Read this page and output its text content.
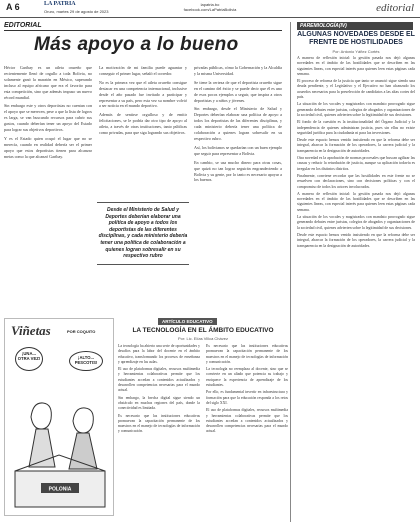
A 6	LA PATRIA
Oruro, martes 29 de agosto de 2023
lapatria.bo
facebook.com/LaPatriaBolivia	editorial
EDITORIAL
Más apoyo a lo bueno

Héctor Garibay es un atleta orureño que recientemente llenó de orgullo a toda Bolivia, no solamente ganó la maratón en México, superando incluso al equipo africano que era el favorito para esta competición, sino que además impuso un nuevo récord mundial.

Sin embargo este y otros deportistas no cuentan con el apoyo que se merecen, pese a que la lista de logros es larga, se van buscando recursos para cubrir sus gastos, cuando deberían tener un apoyo del Estado para lograr sus objetivos deportivos.

Y es el Estado quien ocupó el lugar que no se merecía, cuando en realidad debería ser el primer apoyo que estos deportistas tienen para alcanzar metas como la que alcanzó Garibay.

La motivación de mi familia puede aguantar y conseguir el primer lugar, señaló el corredor.

No es la primera vez que el atleta orureño consigue destacar en una competencia internacional, inclusive desde el año pasado fue invitado a participar y representar a su país, pero esta vez su nombre volvió a ser noticia en el mundo deportivo.

Además de sentirse orgulloso y de emitir felicitaciones, se le podría dar otro tipo de apoyo al atleta, a través de otras instituciones, tanto públicas como privadas, para que siga logrando sus objetivos.

privadas públicas, cómo la Gobernación y la Alcaldía y la misma Universidad.

Se tiene la certeza de que el deportista orureño sigue en el camino del éxito y se puede decir que él es uno de esos pocos ejemplos a seguir, que inspira a otros deportistas y a niños y jóvenes.

Sin embargo, desde el Ministerio de Salud y Deportes deberían elaborar una política de apoyo a todos los deportistas de las diferentes disciplinas, y cada ministerio debería tener una política de colaboración a quienes logran sobresalir en su respectivo rubro.

Así, los bolivianos se quedarían con un buen ejemplo que seguir para representar a Bolivia.

En cambio, se usa mucho dinero para otras cosas, que quizá no tan lograr seguirán engrandeciendo a Bolivia y su gente, por lo tanto es necesario apoyar a los buenos.

Desde el Ministerio de Salud y Deportes deberían elaborar una política de apoyo a todos los deportistas de las diferentes disciplinas, y cada ministerio debería tener una política de colaboración a quienes logran sobresalir en su respectivo rubro
PAREMIOLOGÍA(IV)
ALGUNAS NOVEDADES DESDE EL FRENTE DE HOSTILIDADES
Por: Antonio Yáñez Cortés

A manera de reflexión inicial: la gestión pasada nos dejó algunas novedades en el ámbito de las hostilidades que se describen en las siguientes líneas, con especial interés para quienes leen estas páginas cada semana.

El proceso de reforma de la justicia que tanto se anunció sigue siendo una deuda pendiente, y el Legislativo y el Ejecutivo no han alcanzado los acuerdos necesarios para la preselección de candidatos a las altas cortes del país.

La situación de los vocales y magistrados con mandato prorrogado sigue generando debates entre juristas, colegios de abogados y organizaciones de la sociedad civil, quienes advierten sobre la legitimidad de sus decisiones.

El fondo de la cuestión es la institucionalidad del Órgano Judicial y la independencia de quienes administran justicia, pues sin ellas no existe seguridad jurídica para la ciudadanía ni para las inversiones.

Desde este espacio hemos venido insistiendo en que la reforma debe ser integral, abarcar la formación de los operadores, la carrera judicial y la transparencia en la designación de autoridades.

Otra novedad es la aprobación de normas procesales que buscan agilizar las causas y reducir la retardación de justicia, aunque su aplicación todavía es irregular en los distintos distritos.

Finalmente, conviene recordar que las hostilidades en este frente no se resuelven con declaraciones, sino con decisiones políticas y con el compromiso de todos los actores involucrados.

A manera de reflexión inicial: la gestión pasada nos dejó algunas novedades en el ámbito de las hostilidades que se describen en las siguientes líneas, con especial interés para quienes leen estas páginas cada semana.

La situación de los vocales y magistrados con mandato prorrogado sigue generando debates entre juristas, colegios de abogados y organizaciones de la sociedad civil, quienes advierten sobre la legitimidad de sus decisiones.

Desde este espacio hemos venido insistiendo en que la reforma debe ser integral, abarcar la formación de los operadores, la carrera judicial y la transparencia en la designación de autoridades.

Viñetas	POR COQUITO
¡UNA... OTRA VEZ!	¡ALTO... PESCOTIS!
POLONIA
ARTÍCULO EDUCATIVO
LA TECNOLOGÍA EN EL ÁMBITO EDUCATIVO
Por: Lic. Elías Villca Chávez

La tecnología ha abierto una serie de oportunidades y desafíos para la labor del docente en el ámbito educativo, transformando los procesos de enseñanza y aprendizaje en las aulas.

El uso de plataformas digitales, recursos multimedia y herramientas colaborativas permite que los estudiantes accedan a contenidos actualizados y desarrollen competencias necesarias para el mundo actual.

Sin embargo, la brecha digital sigue siendo un obstáculo en muchas regiones del país, donde la conectividad es limitada.

Es necesario que las instituciones educativas promuevan la capacitación permanente de los maestros en el manejo de tecnologías de información y comunicación.

Es necesario que las instituciones educativas promuevan la capacitación permanente de los maestros en el manejo de tecnologías de información y comunicación.

La tecnología no reemplaza al docente, sino que se convierte en un aliado que potencia su trabajo y enriquece la experiencia de aprendizaje de los estudiantes.

Por ello, es fundamental invertir en infraestructura y formación para que la educación responda a los retos del siglo XXI.

El uso de plataformas digitales, recursos multimedia y herramientas colaborativas permite que los estudiantes accedan a contenidos actualizados y desarrollen competencias necesarias para el mundo actual.
